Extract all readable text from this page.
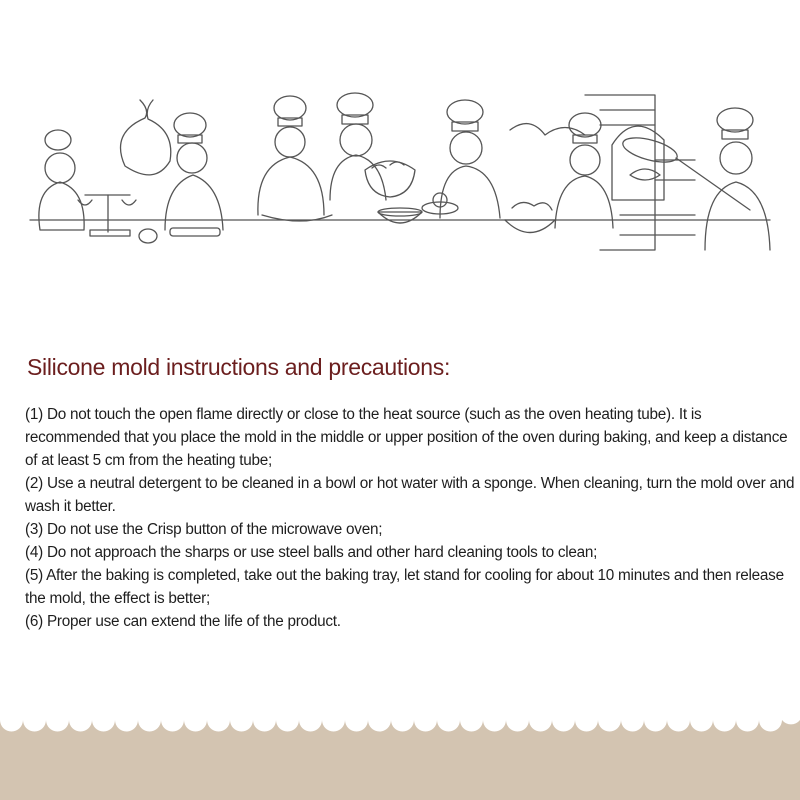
Silicone mold instructions and precautions:
(1) Do not touch the open flame directly or close to the heat source (such as the oven heating tube). It is recommended that you place the mold in the middle or upper position of the oven during baking, and keep a distance of at least 5 cm from the heating tube;
(2) Use a neutral detergent to be cleaned in a bowl or hot water with a sponge. When cleaning, turn the mold over and wash it better.
(3) Do not use the Crisp button of the microwave oven;
(4) Do not approach the sharps or use steel balls and other hard cleaning tools to clean;
(5) After the baking is completed, take out the baking tray, let stand for cooling for about 10 minutes and then release the mold, the effect is better;
(6) Proper use can extend the life of the product.
